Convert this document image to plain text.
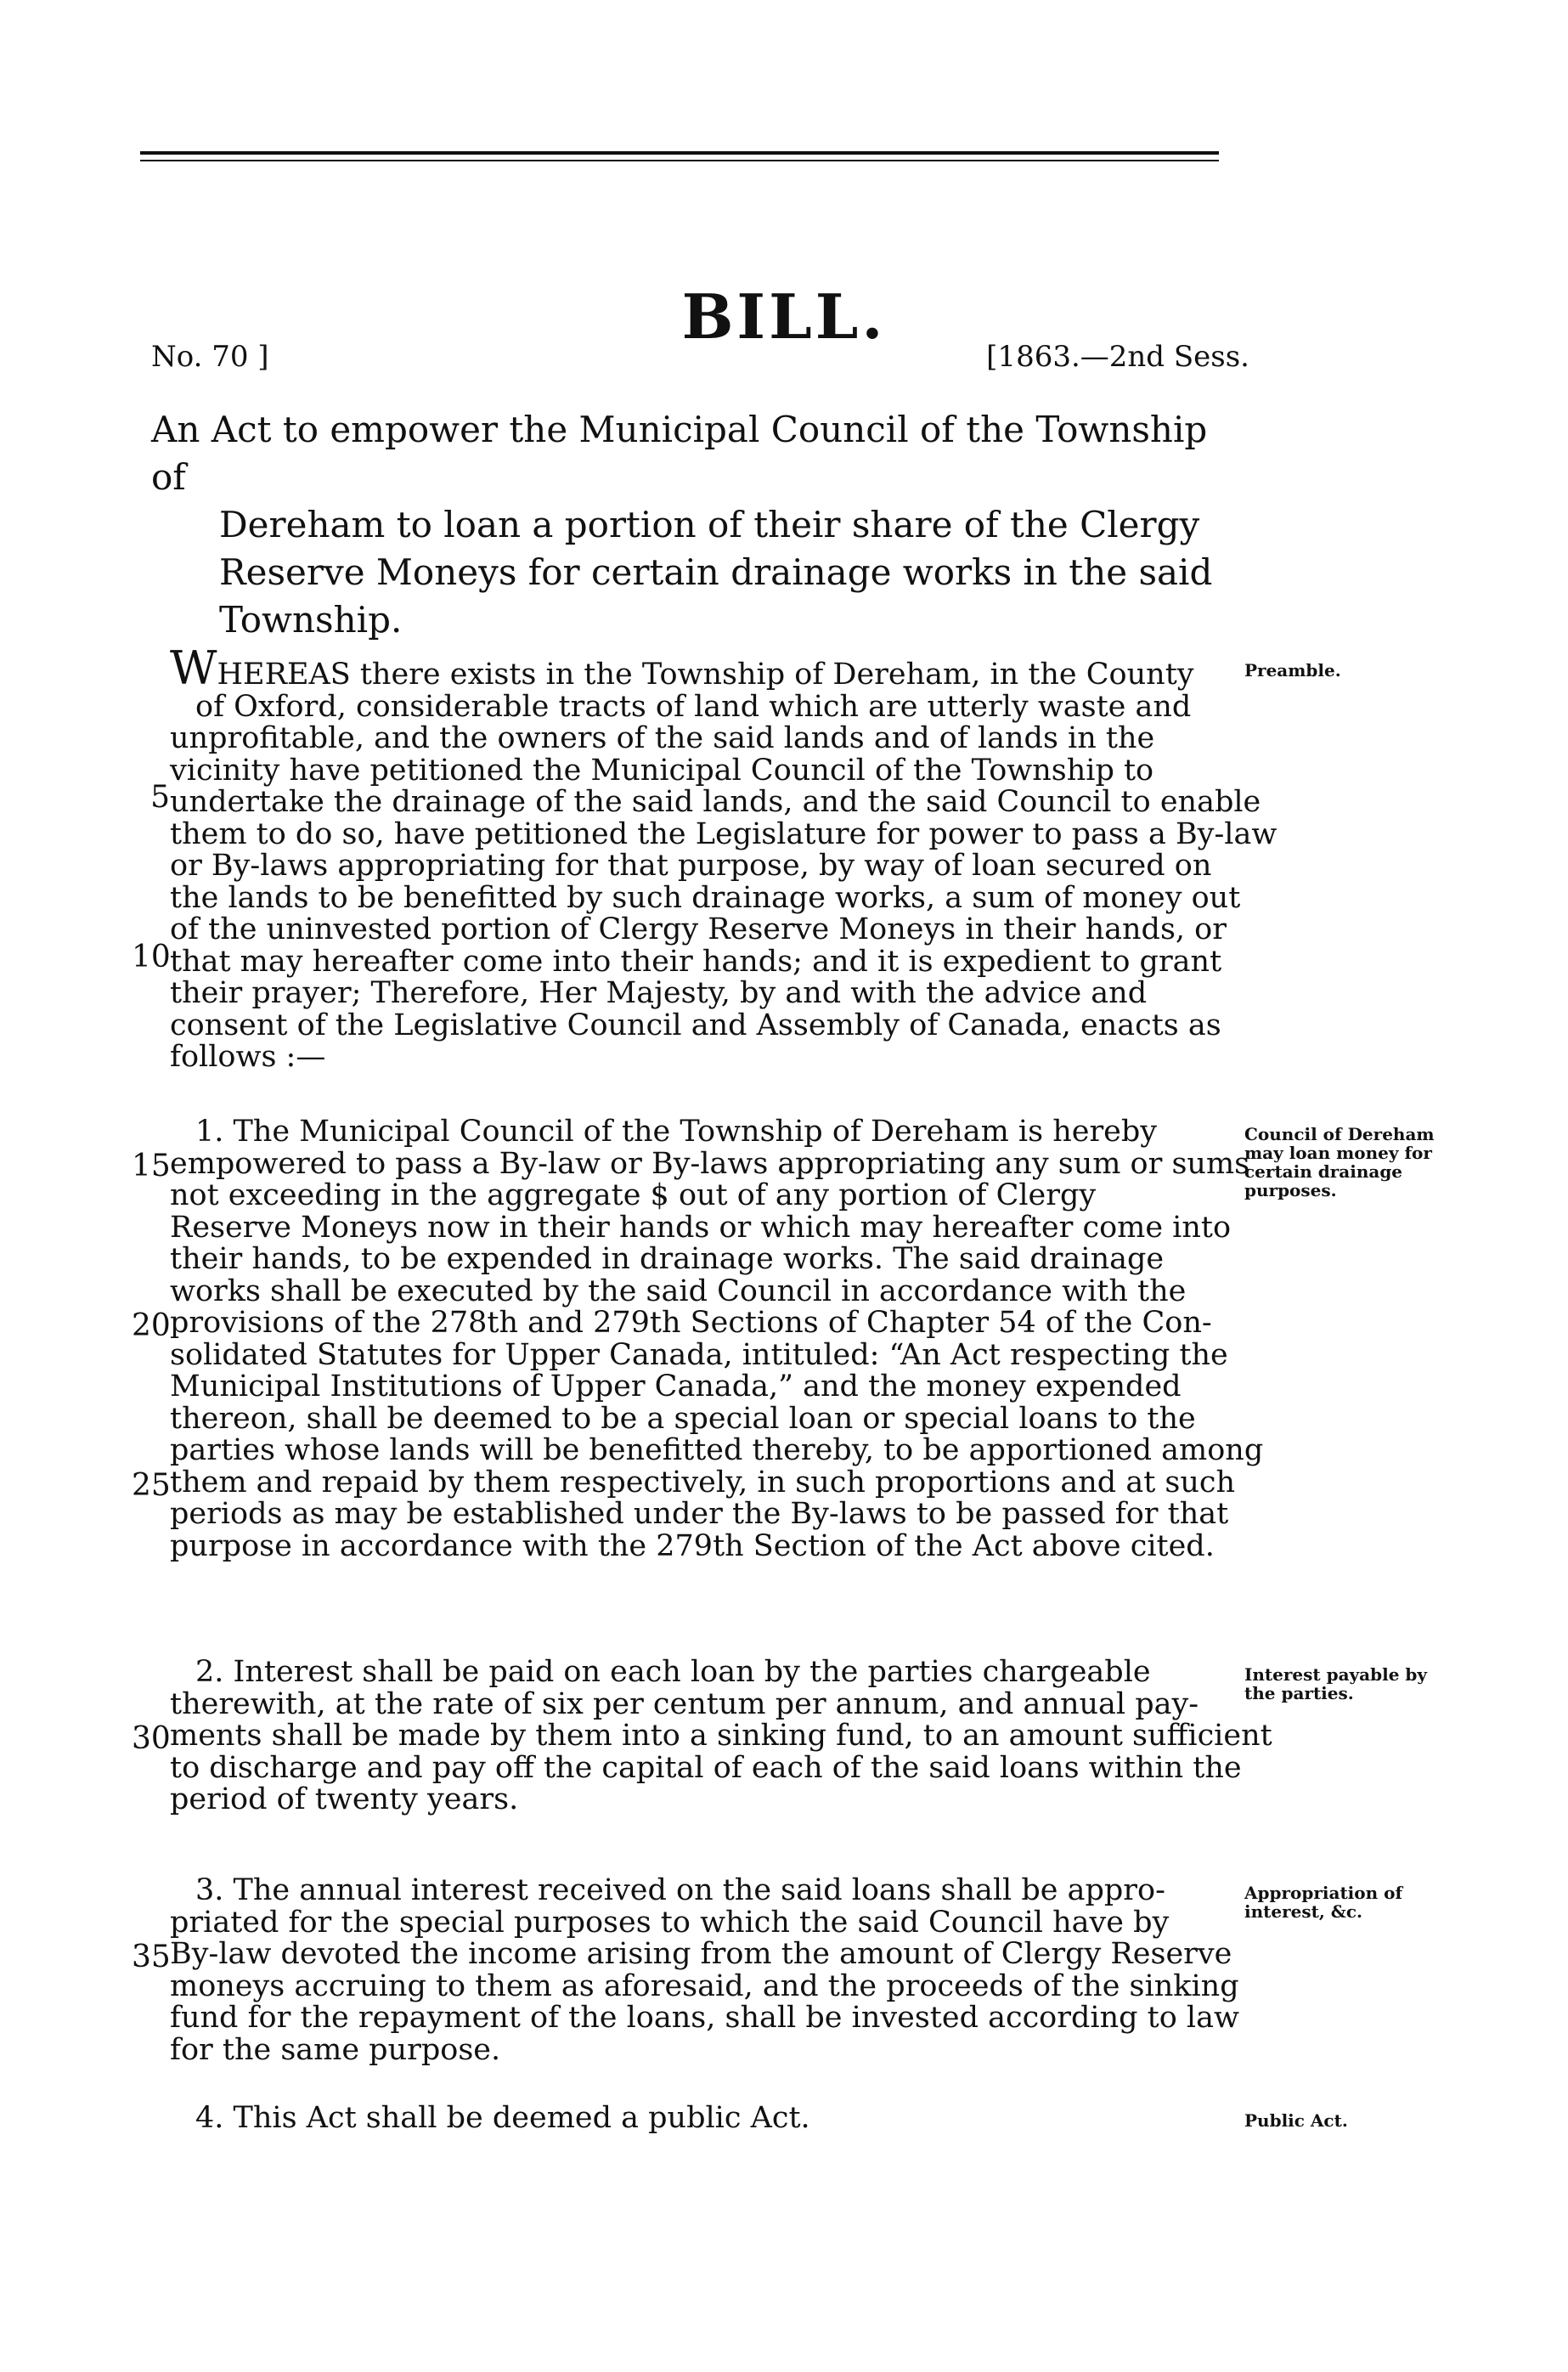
BILL.
No. 70 ]	[1863.—2nd Sess.
An Act to empower the Municipal Council of the Township of
Dereham to loan a portion of their share of the Clergy
Reserve Moneys for certain drainage works in the said
Township.
WHEREAS there exists in the Township of Dereham, in the County
of Oxford, considerable tracts of land which are utterly waste and
unprofitable, and the owners of the said lands and of lands in the
vicinity have petitioned the Municipal Council of the Township to
undertake the drainage of the said lands, and the said Council to enable
them to do so, have petitioned the Legislature for power to pass a By-law
or By-laws appropriating for that purpose, by way of loan secured on
the lands to be benefitted by such drainage works, a sum of money out
of the uninvested portion of Clergy Reserve Moneys in their hands, or
that may hereafter come into their hands; and it is expedient to grant
their prayer; Therefore, Her Majesty, by and with the advice and
consent of the Legislative Council and Assembly of Canada, enacts as
follows :—
Preamble.
1. The Municipal Council of the Township of Dereham is hereby
empowered to pass a By-law or By-laws appropriating any sum or sums
not exceeding in the aggregate $ out of any portion of Clergy
Reserve Moneys now in their hands or which may hereafter come into
their hands, to be expended in drainage works. The said drainage
works shall be executed by the said Council in accordance with the
provisions of the 278th and 279th Sections of Chapter 54 of the Con-
solidated Statutes for Upper Canada, intituled: “An Act respecting the
Municipal Institutions of Upper Canada,” and the money expended
thereon, shall be deemed to be a special loan or special loans to the
parties whose lands will be benefitted thereby, to be apportioned among
them and repaid by them respectively, in such proportions and at such
periods as may be established under the By-laws to be passed for that
purpose in accordance with the 279th Section of the Act above cited.
Council of Dereham may loan money for certain drainage purposes.
2. Interest shall be paid on each loan by the parties chargeable
therewith, at the rate of six per centum per annum, and annual pay-
ments shall be made by them into a sinking fund, to an amount sufficient
to discharge and pay off the capital of each of the said loans within the
period of twenty years.
Interest payable by the parties.
3. The annual interest received on the said loans shall be appro-
priated for the special purposes to which the said Council have by
By-law devoted the income arising from the amount of Clergy Reserve
moneys accruing to them as aforesaid, and the proceeds of the sinking
fund for the repayment of the loans, shall be invested according to law
for the same purpose.
Appropriation of interest, &c.
4. This Act shall be deemed a public Act.	Public Act.
5
10
15
20
25
30
35
